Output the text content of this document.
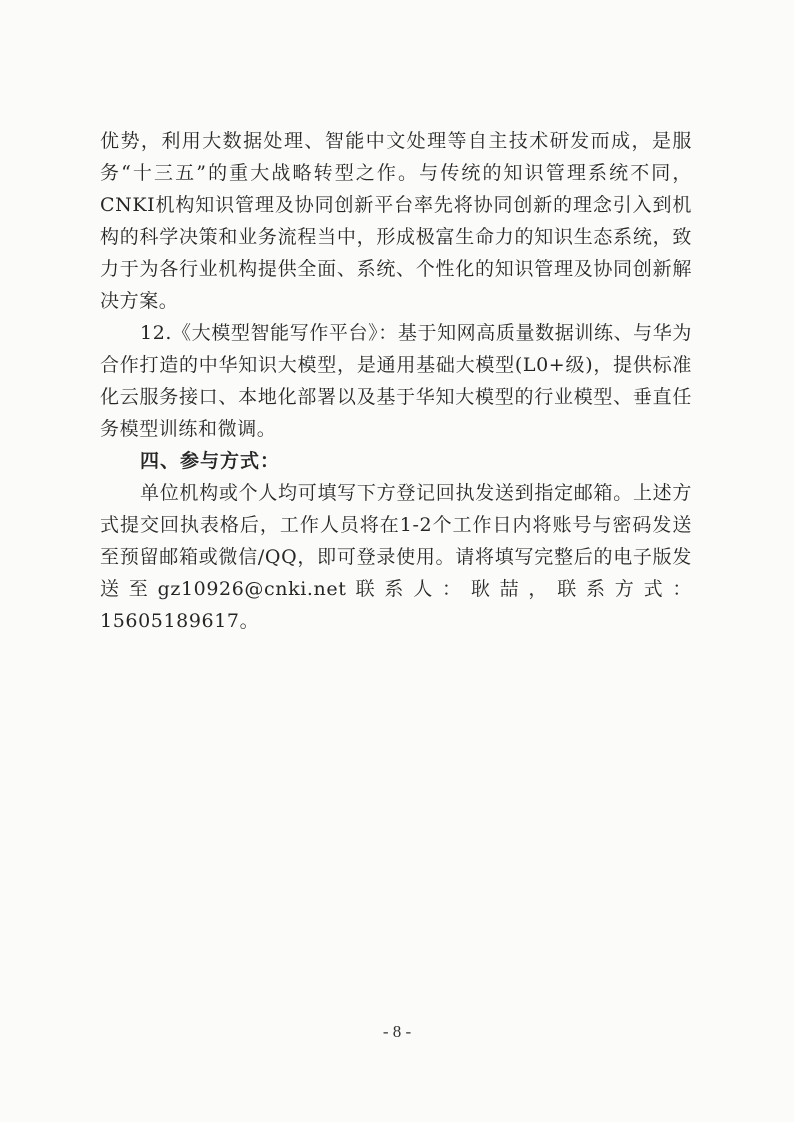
优势，利用大数据处理、智能中文处理等自主技术研发而成，是服务“十三五”的重大战略转型之作。与传统的知识管理系统不同，CNKI机构知识管理及协同创新平台率先将协同创新的理念引入到机构的科学决策和业务流程当中，形成极富生命力的知识生态系统，致力于为各行业机构提供全面、系统、个性化的知识管理及协同创新解决方案。

12.《大模型智能写作平台》：基于知网高质量数据训练、与华为合作打造的中华知识大模型，是通用基础大模型(L0+级)，提供标准化云服务接口、本地化部署以及基于华知大模型的行业模型、垂直任务模型训练和微调。

四、参与方式：

单位机构或个人均可填写下方登记回执发送到指定邮箱。上述方式提交回执表格后，工作人员将在1-2个工作日内将账号与密码发送至预留邮箱或微信/QQ，即可登录使用。请将填写完整后的电子版发送至gz10926@cnki.net联系人：耿喆，联系方式：15605189617。

- 8 -
